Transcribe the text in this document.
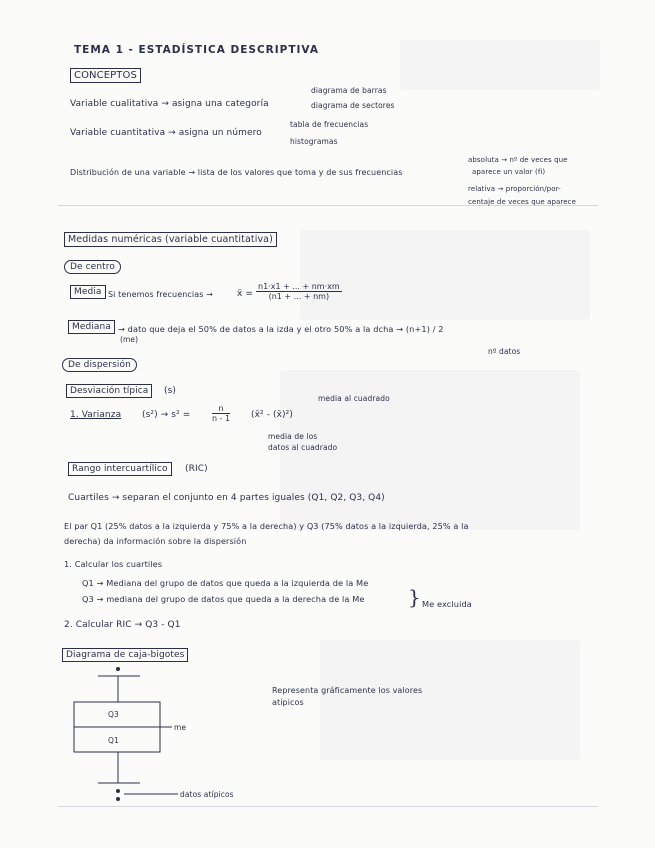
TEMA 1 - ESTADÍSTICA DESCRIPTIVA
CONCEPTOS
Variable cualitativa → asigna una categoría
diagrama de barras
diagrama de sectores
Variable cuantitativa → asigna un número
tabla de frecuencias
histogramas
Distribución de una variable → lista de los valores que toma y de sus frecuencias
absoluta → nº de veces que
aparece un valor (fi)
relativa → proporción/por-
centaje de veces que aparece
Medidas numéricas (variable cuantitativa)
De centro
Media Si tenemos frecuencias →	x̄ = $\frac{n1\cdot x1 + ... + nm\cdot xm}{(n1 + ... + nm)}$
Mediana
(me)
→ dato que deja el 50% de datos a la izda y el otro 50% a la dcha → (n+1) / 2
nº datos
De dispersión
Desviación típica	(s)
1. Varianza (s²) → s² =	$\frac{n}{n - 1}$ (x̄² - (x̄)²)
media al cuadrado
media de los
datos al cuadrado
Rango intercuartílico	(RIC)
Cuartiles → separan el conjunto en 4 partes iguales (Q1, Q2, Q3, Q4)
El par Q1 (25% datos a la izquierda y 75% a la derecha) y Q3 (75% datos a la izquierda, 25% a la
derecha) da información sobre la dispersión
1. Calcular los cuartiles
Q1 → Mediana del grupo de datos que queda a la izquierda de la Me
Q3 → mediana del grupo de datos que queda a la derecha de la Me } Me excluida
2. Calcular RIC → Q3 - Q1
Diagrama de caja-bigotes
Q3
Q1
me
Representa gráficamente los valores
atípicos
datos atípicos
